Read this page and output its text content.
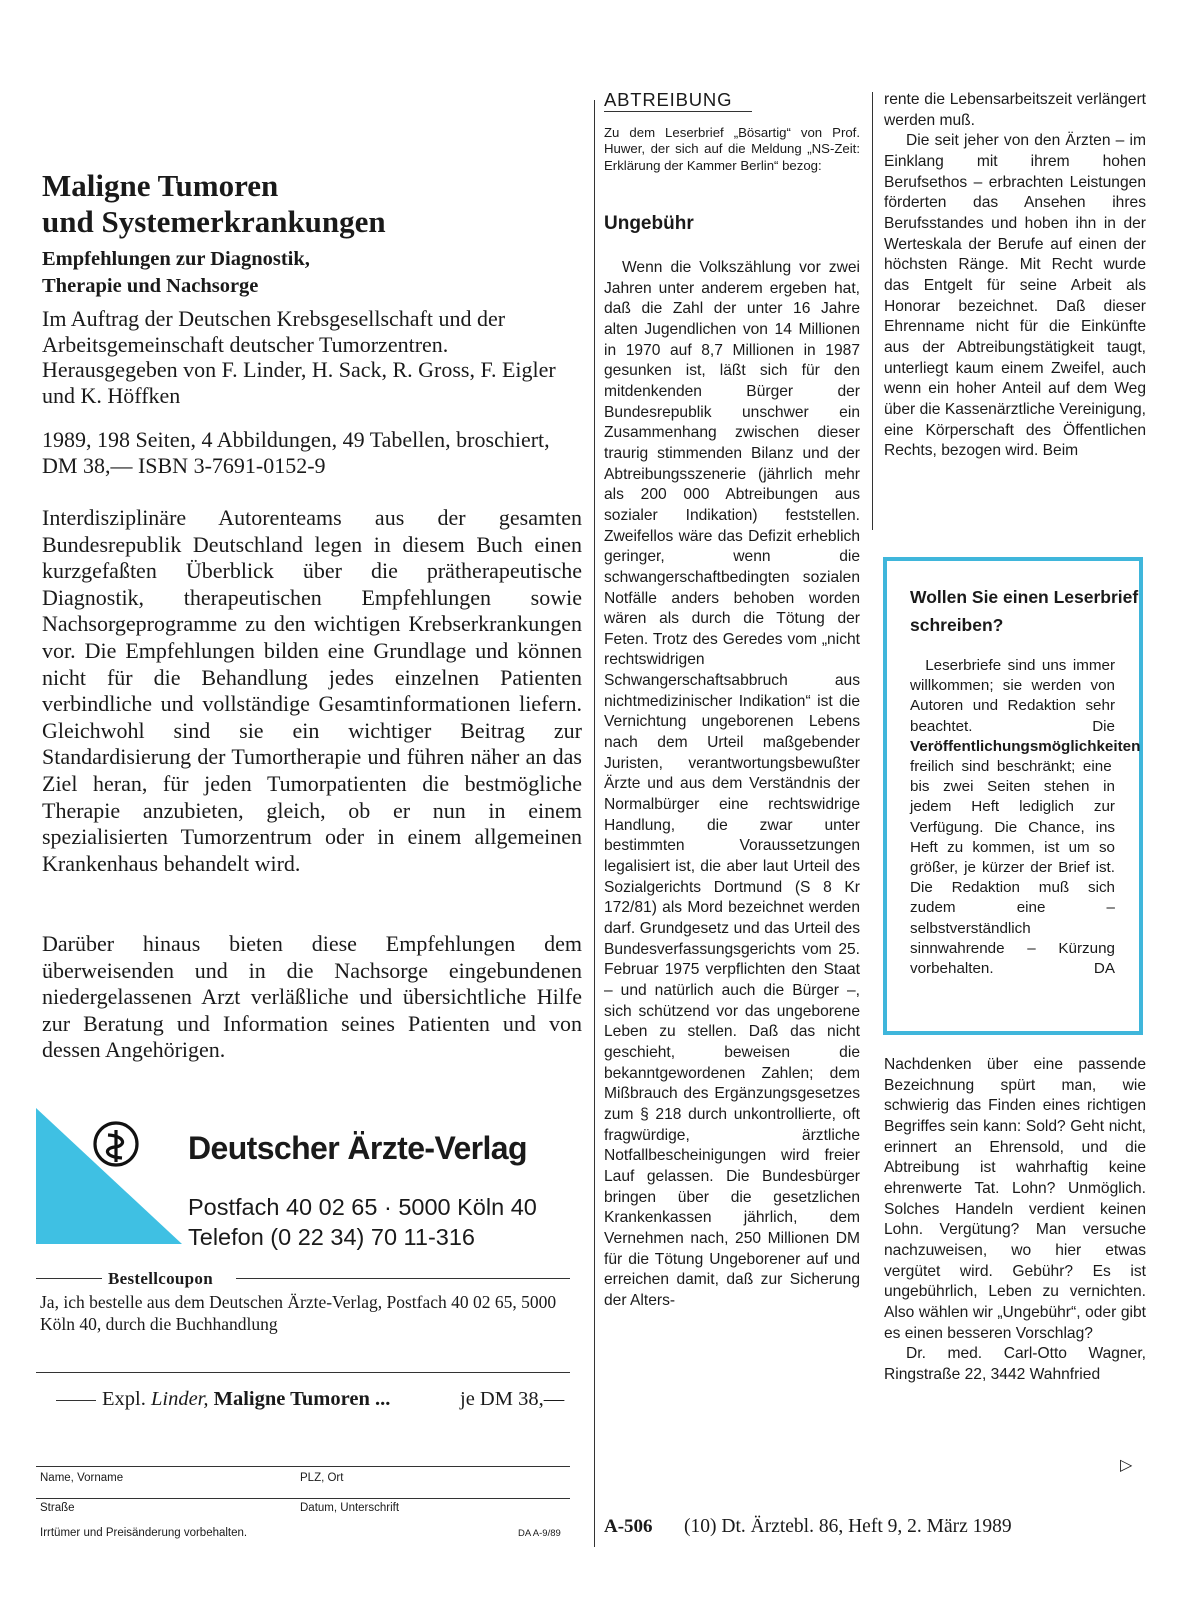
Maligne Tumoren
und Systemerkrankungen
Empfehlungen zur Diagnostik,
Therapie und Nachsorge
Im Auftrag der Deutschen Krebsgesellschaft und der Arbeitsgemeinschaft deutscher Tumorzentren. Herausgegeben von F. Linder, H. Sack, R. Gross, F. Eigler und K. Höffken
1989, 198 Seiten, 4 Abbildungen, 49 Tabellen, broschiert, DM 38,— ISBN 3-7691-0152-9

Interdisziplinäre Autorenteams aus der gesamten Bundesrepublik Deutschland legen in diesem Buch einen kurzgefaßten Überblick über die prätherapeutische Diagnostik, therapeutischen Empfehlungen sowie Nachsorgeprogramme zu den wichtigen Krebserkrankungen vor. Die Empfehlungen bilden eine Grundlage und können nicht für die Behandlung jedes einzelnen Patienten verbindliche und vollständige Gesamtinformationen liefern. Gleichwohl sind sie ein wichtiger Beitrag zur Standardisierung der Tumortherapie und führen näher an das Ziel heran, für jeden Tumorpatienten die bestmögliche Therapie anzubieten, gleich, ob er nun in einem spezialisierten Tumorzentrum oder in einem allgemeinen Krankenhaus behandelt wird.

Darüber hinaus bieten diese Empfehlungen dem überweisenden und in die Nachsorge eingebundenen niedergelassenen Arzt verläßliche und übersichtliche Hilfe zur Beratung und Information seines Patienten und von dessen Angehörigen.

Deutscher Ärzte-Verlag
Postfach 40 02 65 · 5000 Köln 40
Telefon (0 22 34) 70 11-316
Bestellcoupon
Ja, ich bestelle aus dem Deutschen Ärzte-Verlag, Postfach 40 02 65, 5000 Köln 40, durch die Buchhandlung
Expl. Linder, Maligne Tumoren ...	je DM 38,—
Name, Vorname	PLZ, Ort
Straße	Datum, Unterschrift
Irrtümer und Preisänderung vorbehalten.	DA A-9/89
ABTREIBUNG
Zu dem Leserbrief „Bösartig“ von Prof. Huwer, der sich auf die Meldung „NS-Zeit: Erklärung der Kammer Berlin“ bezog:
Ungebühr

Wenn die Volkszählung vor zwei Jahren unter anderem ergeben hat, daß die Zahl der unter 16 Jahre alten Jugendlichen von 14 Millionen in 1970 auf 8,7 Millionen in 1987 gesunken ist, läßt sich für den mitdenkenden Bürger der Bundesrepublik unschwer ein Zusammenhang zwischen dieser traurig stimmenden Bilanz und der Abtreibungsszenerie (jährlich mehr als 200 000 Abtreibungen aus sozialer Indikation) feststellen. Zweifellos wäre das Defizit erheblich geringer, wenn die schwangerschaftbedingten sozialen Notfälle anders behoben worden wären als durch die Tötung der Feten. Trotz des Geredes vom „nicht rechtswidrigen Schwangerschaftsabbruch aus nichtmedizinischer Indikation“ ist die Vernichtung ungeborenen Lebens nach dem Urteil maßgebender Juristen, verantwortungsbewußter Ärzte und aus dem Verständnis der Normalbürger eine rechtswidrige Handlung, die zwar unter bestimmten Voraussetzungen legalisiert ist, die aber laut Urteil des Sozialgerichts Dortmund (S 8 Kr 172/81) als Mord bezeichnet werden darf. Grundgesetz und das Urteil des Bundesverfassungsgerichts vom 25. Februar 1975 verpflichten den Staat – und natürlich auch die Bürger –, sich schützend vor das ungeborene Leben zu stellen. Daß das nicht geschieht, beweisen die bekanntgewordenen Zahlen; dem Mißbrauch des Ergänzungsgesetzes zum § 218 durch unkontrollierte, oft fragwürdige, ärztliche Notfallbescheinigungen wird freier Lauf gelassen. Die Bundesbürger bringen über die gesetzlichen Krankenkassen jährlich, dem Vernehmen nach, 250 Millionen DM für die Tötung Ungeborener auf und erreichen damit, daß zur Sicherung der Alters-

rente die Lebensarbeitszeit verlängert werden muß.

Die seit jeher von den Ärzten – im Einklang mit ihrem hohen Berufsethos – erbrachten Leistungen förderten das Ansehen ihres Berufsstandes und hoben ihn in der Werteskala der Berufe auf einen der höchsten Ränge. Mit Recht wurde das Entgelt für seine Arbeit als Honorar bezeichnet. Daß dieser Ehrenname nicht für die Einkünfte aus der Abtreibungstätigkeit taugt, unterliegt kaum einem Zweifel, auch wenn ein hoher Anteil auf dem Weg über die Kassenärztliche Vereinigung, eine Körperschaft des Öffentlichen Rechts, bezogen wird. Beim

Wollen Sie einen Leserbrief schreiben?

 Leserbriefe sind uns immer willkommen; sie werden von Autoren und Redaktion sehr beachtet. Die Veröffentlichungsmöglichkeiten freilich sind beschränkt; eine bis zwei Seiten stehen in jedem Heft lediglich zur Verfügung. Die Chance, ins Heft zu kommen, ist um so größer, je kürzer der Brief ist. Die Redaktion muß sich zudem eine – selbstverständlich sinnwahrende – Kürzung vorbehalten.	DA

Nachdenken über eine passende Bezeichnung spürt man, wie schwierig das Finden eines richtigen Begriffes sein kann: Sold? Geht nicht, erinnert an Ehrensold, und die Abtreibung ist wahrhaftig keine ehrenwerte Tat. Lohn? Unmöglich. Solches Handeln verdient keinen Lohn. Vergütung? Man versuche nachzuweisen, wo hier etwas vergütet wird. Gebühr? Es ist ungebührlich, Leben zu vernichten. Also wählen wir „Ungebühr“, oder gibt es einen besseren Vorschlag?

Dr. med. Carl-Otto Wagner, Ringstraße 22, 3442 Wahnfried

▷
A-506 (10) Dt. Ärztebl. 86, Heft 9, 2. März 1989
